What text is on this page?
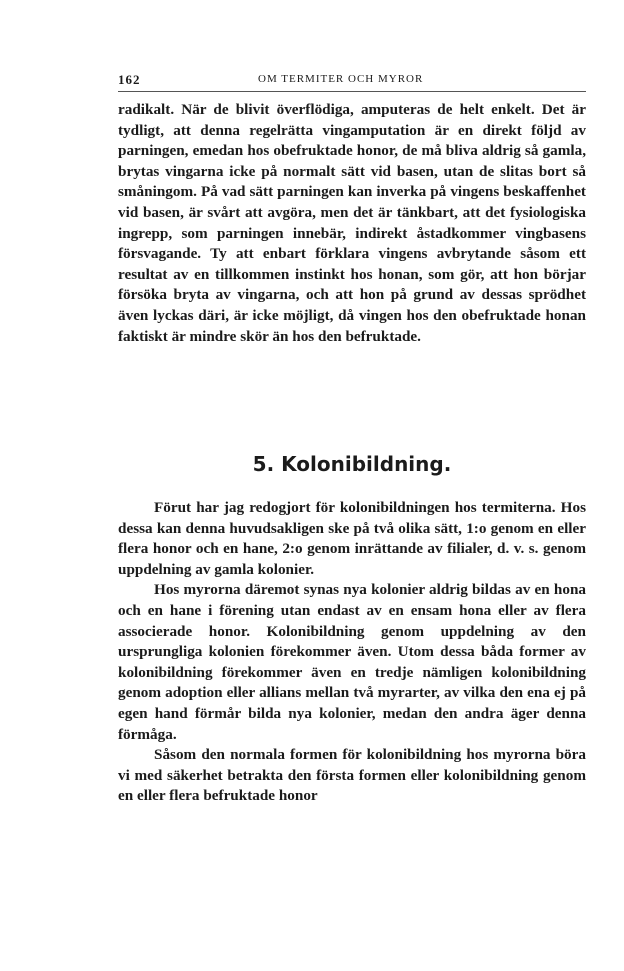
162	OM TERMITER OCH MYROR

radikalt. När de blivit överflödiga, amputeras de helt enkelt. Det är tydligt, att denna regelrätta vingamputation är en direkt följd av parningen, emedan hos obefruktade honor, de må bliva aldrig så gamla, brytas vingarna icke på normalt sätt vid basen, utan de slitas bort så småningom. På vad sätt parningen kan inverka på vingens beskaffenhet vid basen, är svårt att avgöra, men det är tänkbart, att det fysiologiska ingrepp, som parningen innebär, indirekt åstadkommer vingbasens försvagande. Ty att enbart förklara vingens avbrytande såsom ett resultat av en tillkommen instinkt hos honan, som gör, att hon börjar försöka bryta av vingarna, och att hon på grund av dessas sprödhet även lyckas däri, är icke möjligt, då vingen hos den obefruktade honan faktiskt är mindre skör än hos den befruktade.

5. Kolonibildning.

Förut har jag redogjort för kolonibildningen hos termiterna. Hos dessa kan denna huvudsakligen ske på två olika sätt, 1:o genom en eller flera honor och en hane, 2:o genom inrättande av filialer, d. v. s. genom uppdelning av gamla kolonier.

Hos myrorna däremot synas nya kolonier aldrig bildas av en hona och en hane i förening utan endast av en ensam hona eller av flera associerade honor. Kolonibildning genom uppdelning av den ursprungliga kolonien förekommer även. Utom dessa båda former av kolonibildning förekommer även en tredje nämligen kolonibildning genom adoption eller allians mellan två myrarter, av vilka den ena ej på egen hand förmår bilda nya kolonier, medan den andra äger denna förmåga.

Såsom den normala formen för kolonibildning hos myrorna böra vi med säkerhet betrakta den första formen eller kolonibildning genom en eller flera befruktade honor
